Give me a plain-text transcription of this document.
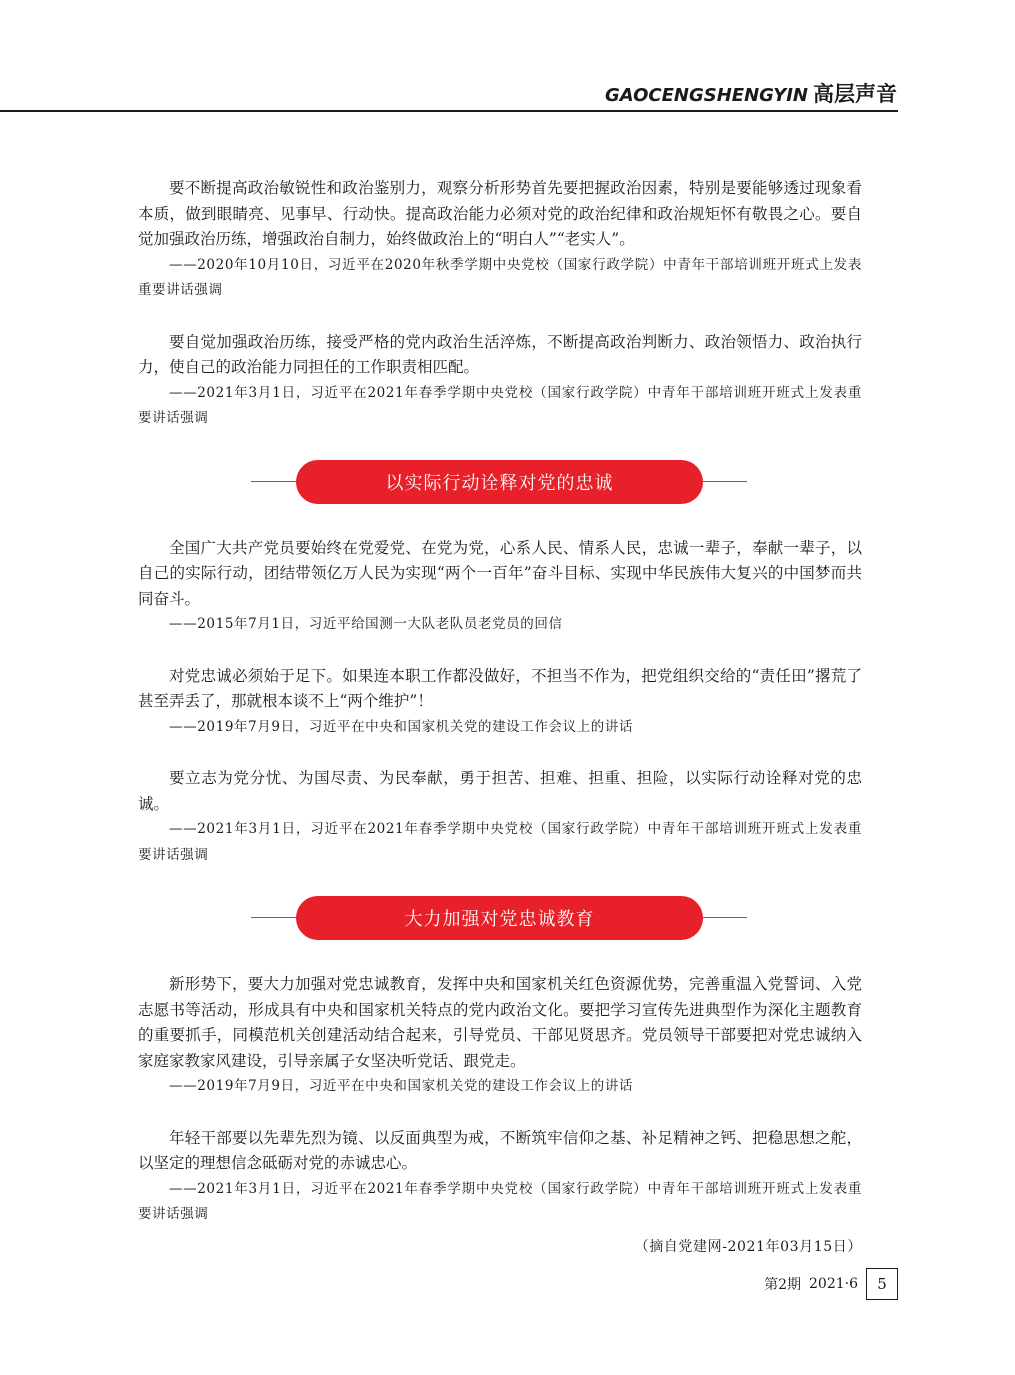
GAOCENGSHENGYIN 高层声音

要不断提高政治敏锐性和政治鉴别力，观察分析形势首先要把握政治因素，特别是要能够透过现象看本质，做到眼睛亮、见事早、行动快。提高政治能力必须对党的政治纪律和政治规矩怀有敬畏之心。要自觉加强政治历练，增强政治自制力，始终做政治上的“明白人”“老实人”。

——2020年10月10日，习近平在2020年秋季学期中央党校（国家行政学院）中青年干部培训班开班式上发表重要讲话强调

要自觉加强政治历练，接受严格的党内政治生活淬炼，不断提高政治判断力、政治领悟力、政治执行力，使自己的政治能力同担任的工作职责相匹配。

——2021年3月1日，习近平在2021年春季学期中央党校（国家行政学院）中青年干部培训班开班式上发表重要讲话强调

以实际行动诠释对党的忠诚

全国广大共产党员要始终在党爱党、在党为党，心系人民、情系人民，忠诚一辈子，奉献一辈子，以自己的实际行动，团结带领亿万人民为实现“两个一百年”奋斗目标、实现中华民族伟大复兴的中国梦而共同奋斗。

——2015年7月1日，习近平给国测一大队老队员老党员的回信

对党忠诚必须始于足下。如果连本职工作都没做好，不担当不作为，把党组织交给的“责任田”撂荒了甚至弄丢了，那就根本谈不上“两个维护”！

——2019年7月9日，习近平在中央和国家机关党的建设工作会议上的讲话

要立志为党分忧、为国尽责、为民奉献，勇于担苦、担难、担重、担险，以实际行动诠释对党的忠诚。

——2021年3月1日，习近平在2021年春季学期中央党校（国家行政学院）中青年干部培训班开班式上发表重要讲话强调

大力加强对党忠诚教育

新形势下，要大力加强对党忠诚教育，发挥中央和国家机关红色资源优势，完善重温入党誓词、入党志愿书等活动，形成具有中央和国家机关特点的党内政治文化。要把学习宣传先进典型作为深化主题教育的重要抓手，同模范机关创建活动结合起来，引导党员、干部见贤思齐。党员领导干部要把对党忠诚纳入家庭家教家风建设，引导亲属子女坚决听党话、跟党走。

——2019年7月9日，习近平在中央和国家机关党的建设工作会议上的讲话

年轻干部要以先辈先烈为镜、以反面典型为戒，不断筑牢信仰之基、补足精神之钙、把稳思想之舵，以坚定的理想信念砥砺对党的赤诚忠心。

——2021年3月1日，习近平在2021年春季学期中央党校（国家行政学院）中青年干部培训班开班式上发表重要讲话强调

（摘自党建网-2021年03月15日）

第2期 2021·6	5
